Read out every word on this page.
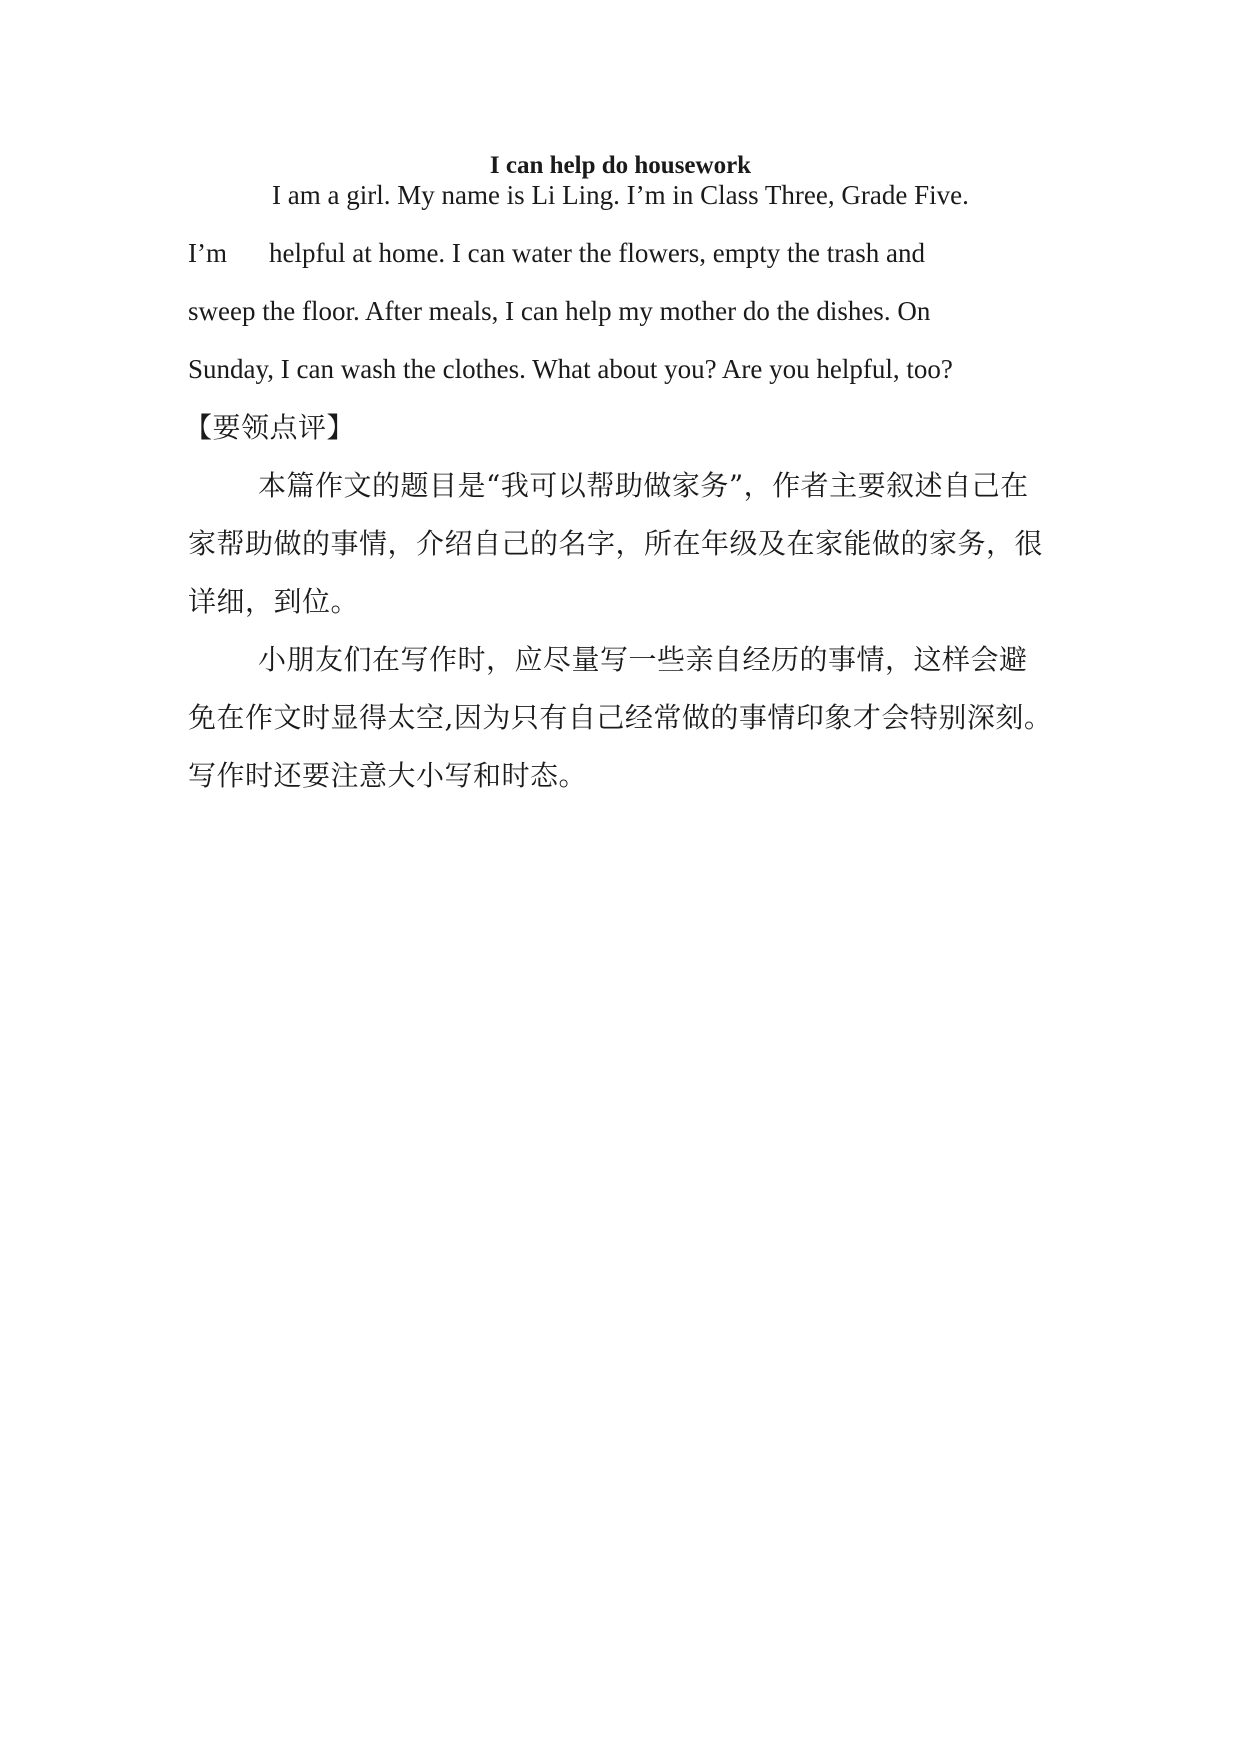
I can help do housework
I am a girl. My name is Li Ling. I’m in Class Three, Grade Five.
I’m helpful at home. I can water the flowers, empty the trash and
sweep the floor. After meals, I can help my mother do the dishes. On
Sunday, I can wash the clothes. What about you? Are you helpful, too?
【要领点评】
本篇作文的题目是“我可以帮助做家务”，作者主要叙述自己在
家帮助做的事情，介绍自己的名字，所在年级及在家能做的家务，很
详细，到位。
小朋友们在写作时，应尽量写一些亲自经历的事情，这样会避
免在作文时显得太空,因为只有自己经常做的事情印象才会特别深刻。
写作时还要注意大小写和时态。
